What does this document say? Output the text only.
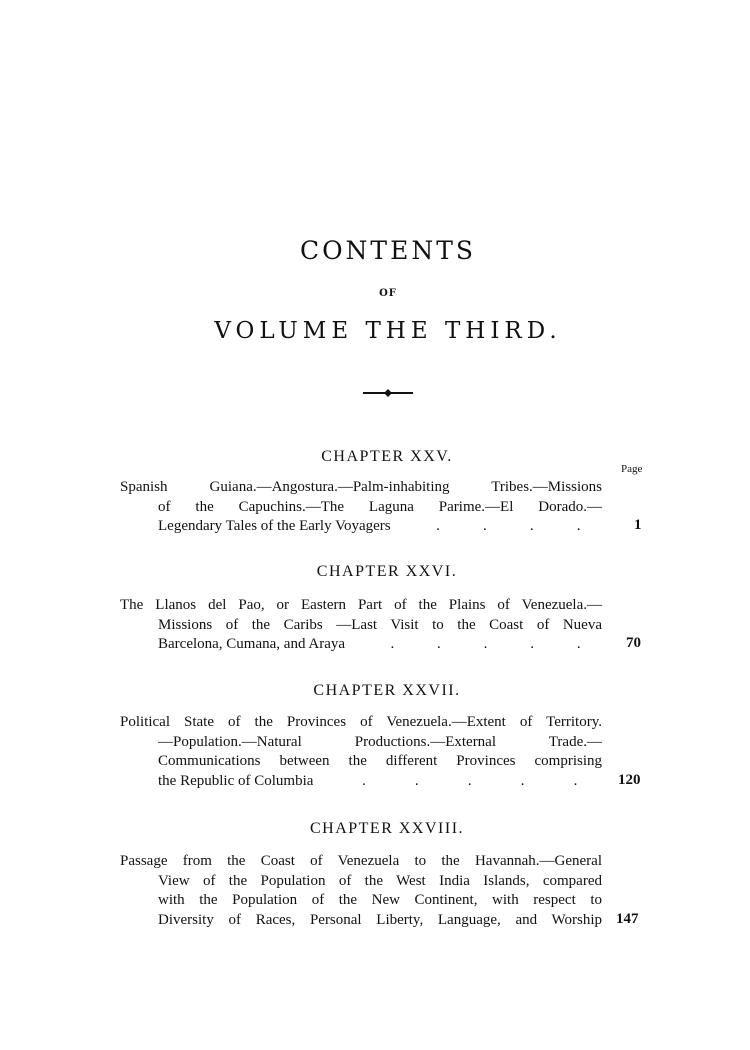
CONTENTS
OF
VOLUME THE THIRD.
CHAPTER XXV.
Page
Spanish Guiana.—Angostura.—Palm-inhabiting Tribes.—Missions
of the Capuchins.—The Laguna Parime.—El Dorado.—
Legendary Tales of the Early Voyagers	.	.	.	.	1
CHAPTER XXVI.
The Llanos del Pao, or Eastern Part of the Plains of Venezuela.—
Missions of the Caribs —Last Visit to the Coast of Nueva
Barcelona, Cumana, and Araya	.	.	.	.	.	70
CHAPTER XXVII.
Political State of the Provinces of Venezuela.—Extent of Territory.
—Population.—Natural Productions.—External Trade.—
Communications between the different Provinces comprising
the Republic of Columbia	.	.	.	.	.	120
CHAPTER XXVIII.
Passage from the Coast of Venezuela to the Havannah.—General
View of the Population of the West India Islands, compared
with the Population of the New Continent, with respect to
Diversity of Races, Personal Liberty, Language, and Worship 147
